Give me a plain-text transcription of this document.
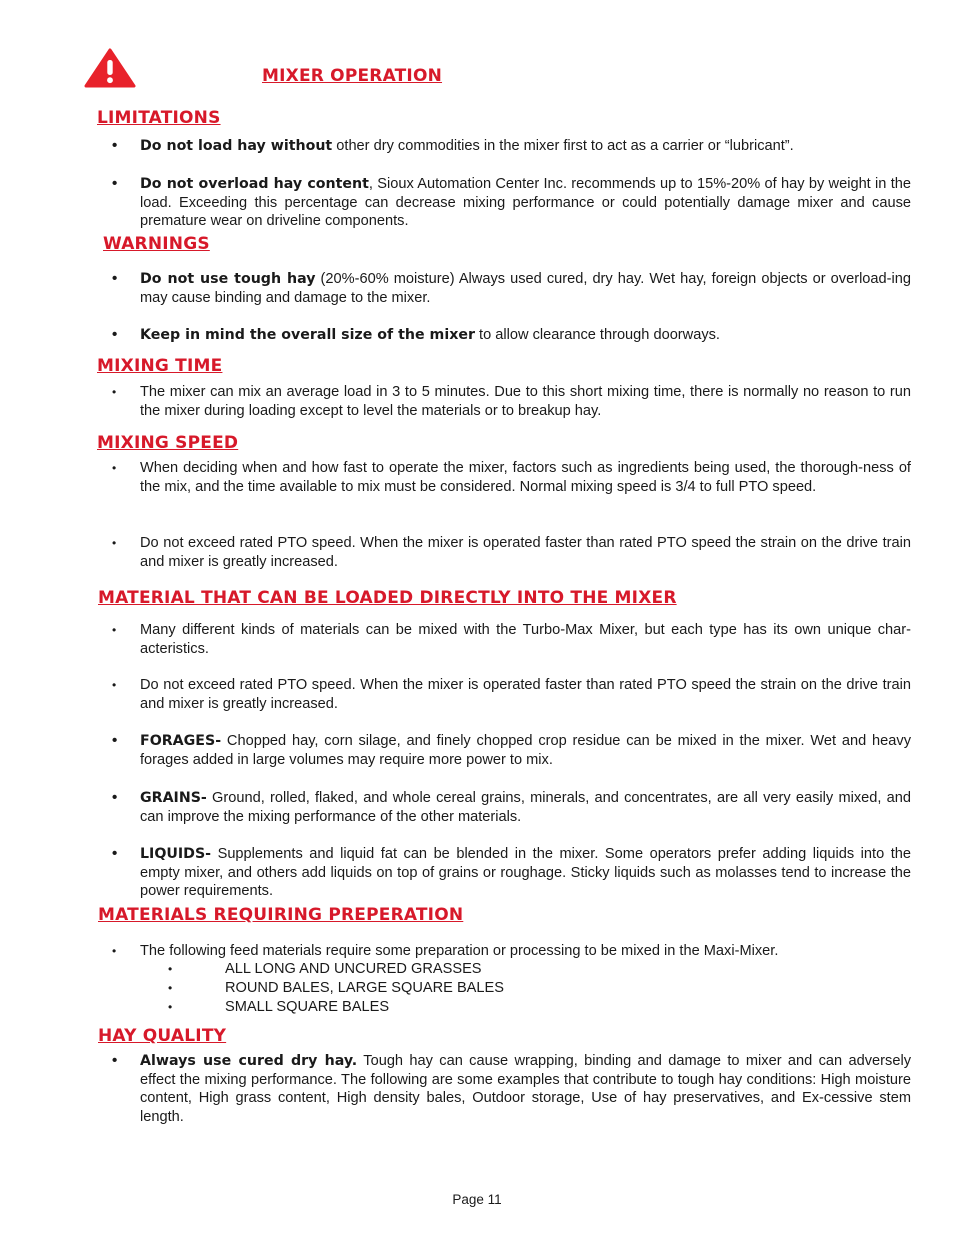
MIXER OPERATION
LIMITATIONS
•	Do not load hay without other dry commodities in the mixer first to act as a carrier or “lubricant”.
•	Do not overload hay content, Sioux Automation Center Inc. recommends up to 15%-20% of hay by weight in the load. Exceeding this percentage can decrease mixing performance or could potentially damage mixer and cause premature wear on driveline components.
WARNINGS
•	Do not use tough hay (20%-60% moisture) Always used cured, dry hay. Wet hay, foreign objects or overload-ing may cause binding and damage to the mixer.
•	Keep in mind the overall size of the mixer to allow clearance through doorways.
MIXING TIME
•	The mixer can mix an average load in 3 to 5 minutes. Due to this short mixing time, there is normally no reason to run the mixer during loading except to level the materials or to breakup hay.
MIXING SPEED
•	When deciding when and how fast to operate the mixer, factors such as ingredients being used, the thorough-ness of the mix, and the time available to mix must be considered. Normal mixing speed is 3/4 to full PTO speed.
•	Do not exceed rated PTO speed. When the mixer is operated faster than rated PTO speed the strain on the drive train and mixer is greatly increased.
MATERIAL THAT CAN BE LOADED DIRECTLY INTO THE MIXER
•	Many different kinds of materials can be mixed with the Turbo-Max Mixer, but each type has its own unique char-acteristics.
•	Do not exceed rated PTO speed. When the mixer is operated faster than rated PTO speed the strain on the drive train and mixer is greatly increased.
•	FORAGES- Chopped hay, corn silage, and finely chopped crop residue can be mixed in the mixer. Wet and heavy forages added in large volumes may require more power to mix.
•	GRAINS- Ground, rolled, flaked, and whole cereal grains, minerals, and concentrates, are all very easily mixed, and can improve the mixing performance of the other materials.
•	LIQUIDS- Supplements and liquid fat can be blended in the mixer. Some operators prefer adding liquids into the empty mixer, and others add liquids on top of grains or roughage. Sticky liquids such as molasses tend to increase the power requirements.
MATERIALS REQUIRING PREPERATION
•	The following feed materials require some preparation or processing to be mixed in the Maxi-Mixer.
•	ALL LONG AND UNCURED GRASSES
•	ROUND BALES, LARGE SQUARE BALES
•	SMALL SQUARE BALES
HAY QUALITY
•	Always use cured dry hay. Tough hay can cause wrapping, binding and damage to mixer and can adversely effect the mixing performance. The following are some examples that contribute to tough hay conditions: High moisture content, High grass content, High density bales, Outdoor storage, Use of hay preservatives, and Ex-cessive stem length.
Page 11
